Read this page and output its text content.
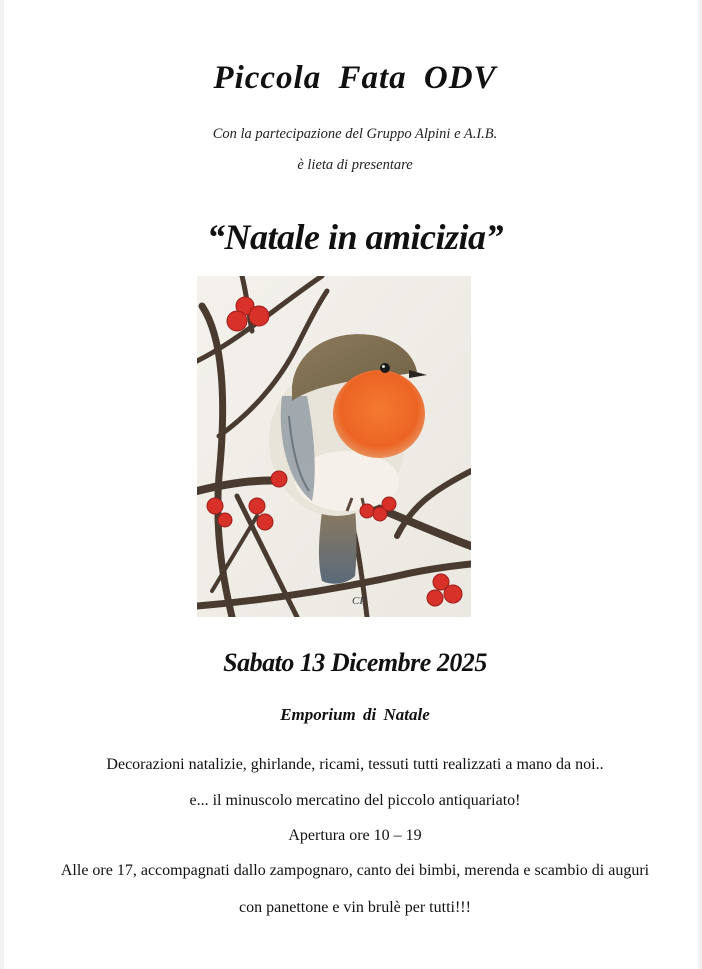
Piccola Fata ODV
Con la partecipazione del Gruppo Alpini e A.I.B.
è lieta di presentare
“Natale in amicizia”
CP
Sabato 13 Dicembre 2025
Emporium di Natale
Decorazioni natalizie, ghirlande, ricami, tessuti tutti realizzati a mano da noi..
e... il minuscolo mercatino del piccolo antiquariato!
Apertura ore 10 – 19
Alle ore 17, accompagnati dallo zampognaro, canto dei bimbi, merenda e scambio di auguri
con panettone e vin brulè per tutti!!!
